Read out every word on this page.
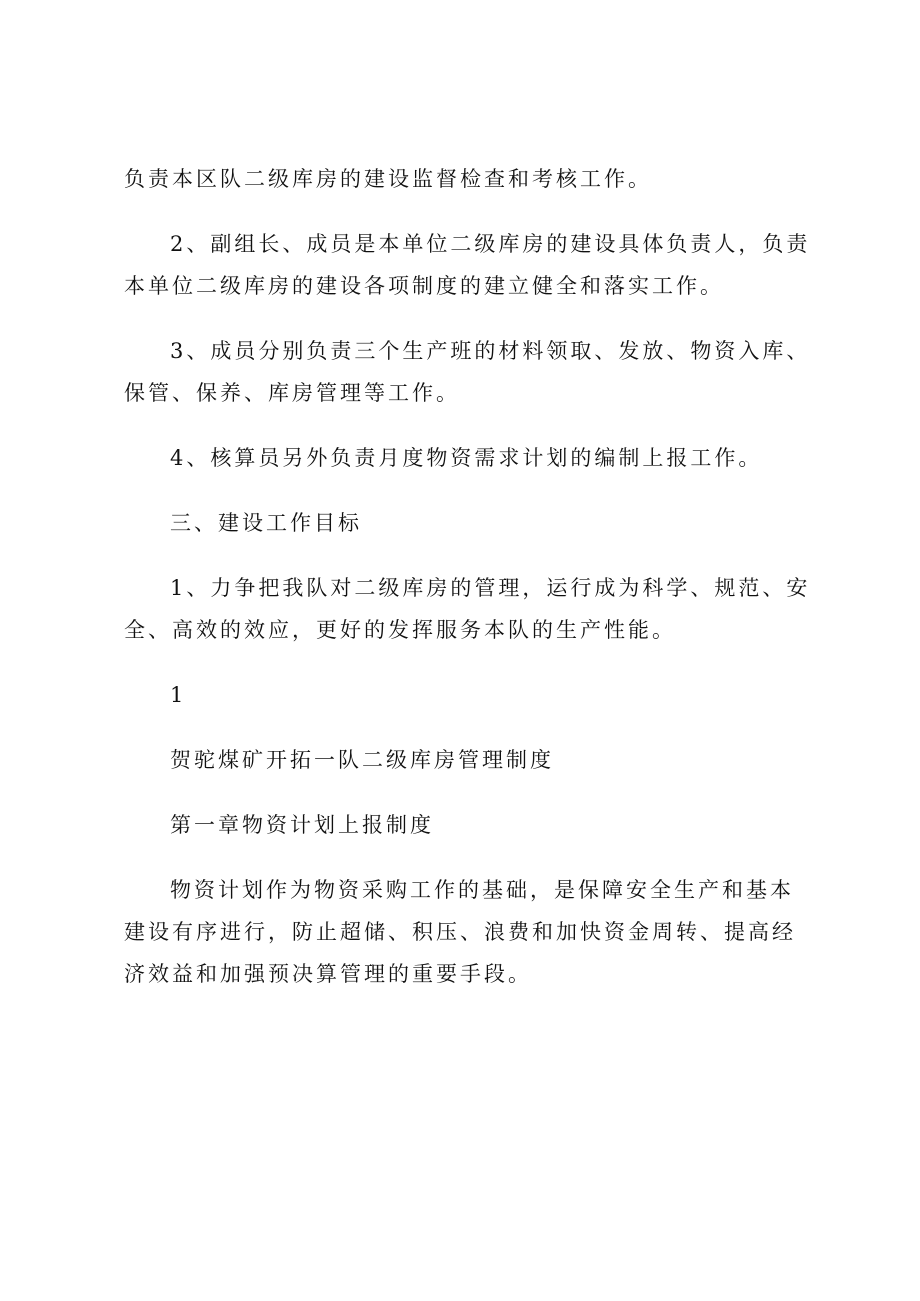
负责本区队二级库房的建设监督检查和考核工作。

2、副组长、成员是本单位二级库房的建设具体负责人，负责本单位二级库房的建设各项制度的建立健全和落实工作。

3、成员分别负责三个生产班的材料领取、发放、物资入库、保管、保养、库房管理等工作。

4、核算员另外负责月度物资需求计划的编制上报工作。

三、建设工作目标

1、力争把我队对二级库房的管理，运行成为科学、规范、安全、高效的效应，更好的发挥服务本队的生产性能。

1

贺驼煤矿开拓一队二级库房管理制度

第一章物资计划上报制度

物资计划作为物资采购工作的基础，是保障安全生产和基本建设有序进行，防止超储、积压、浪费和加快资金周转、提高经济效益和加强预决算管理的重要手段。
